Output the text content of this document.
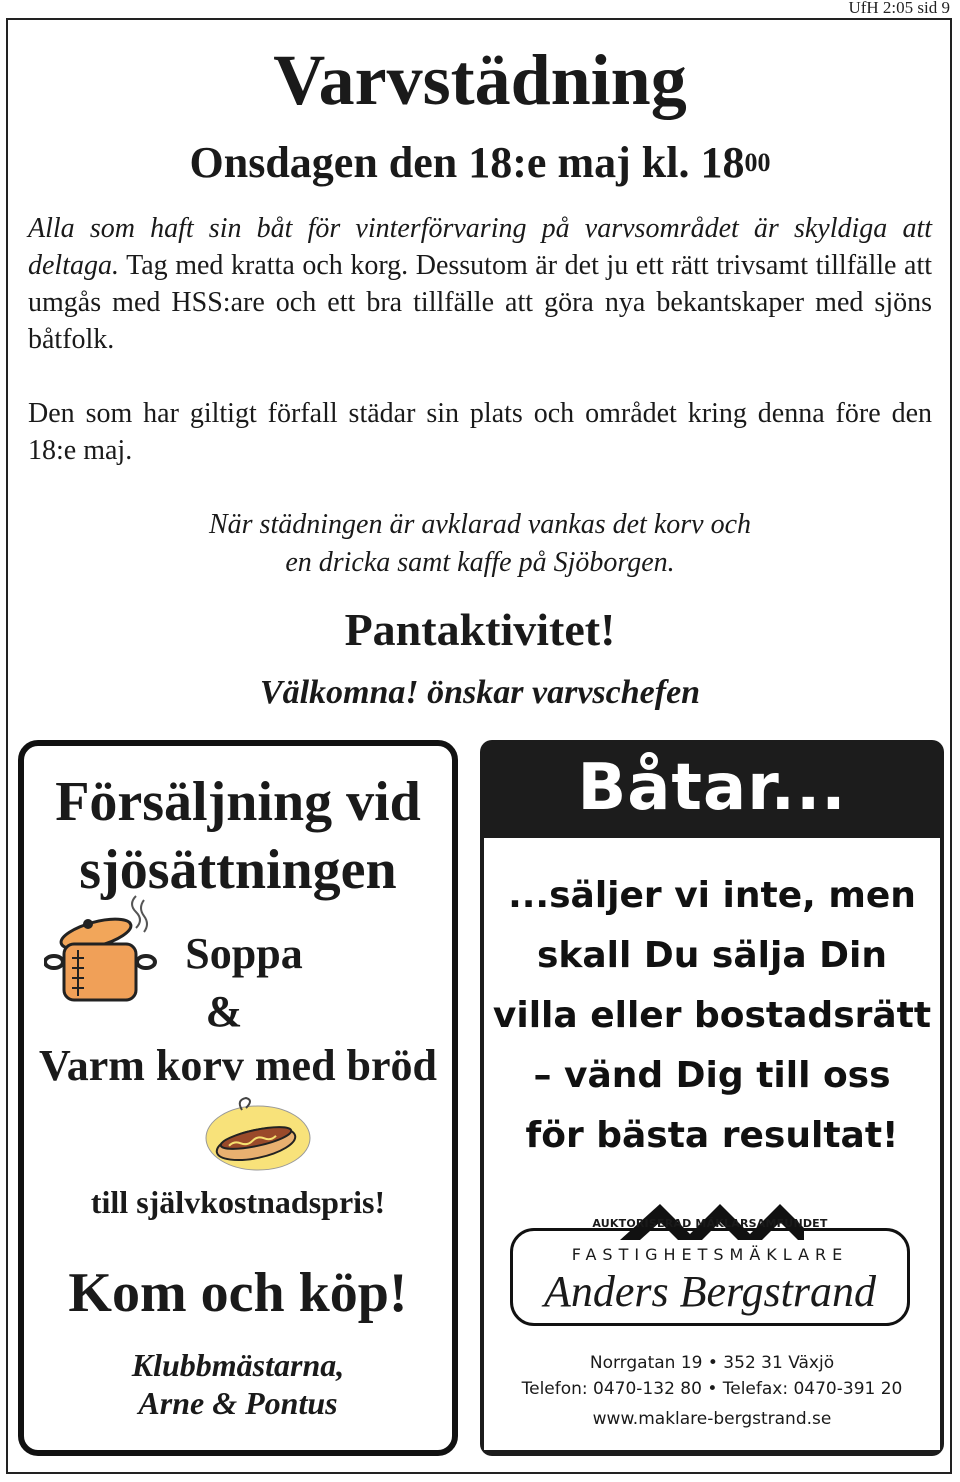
UfH 2:05 sid 9
Varvstädning
Onsdagen den 18:e maj kl. $18^{00}$
Alla som haft sin båt för vinterförvaring på varvsområdet är skyldiga att deltaga. Tag med kratta och korg. Dessutom är det ju ett rätt trivsamt tillfälle att umgås med HSS:are och ett bra tillfälle att göra nya bekantskaper med sjöns båtfolk.
Den som har giltigt förfall städar sin plats och området kring denna före den 18:e maj.
När städningen är avklarad vankas det korv och
en dricka samt kaffe på Sjöborgen.
Pantaktivitet!
Välkomna! önskar varvschefen
Försäljning vid
sjösättningen
Soppa
&
Varm korv med bröd
till självkostnadspris!
Kom och köp!
Klubbmästarna,
Arne & Pontus
Båtar...
...säljer vi inte, men
skall Du sälja Din
villa eller bostadsrätt
– vänd Dig till oss
för bästa resultat!
AUKTORISERAD MÄKLARSAMFUNDET
FASTIGHETSMÄKLARE
Anders Bergstrand
Norrgatan 19 • 352 31 Växjö
Telefon: 0470-132 80 • Telefax: 0470-391 20
www.maklare-bergstrand.se
